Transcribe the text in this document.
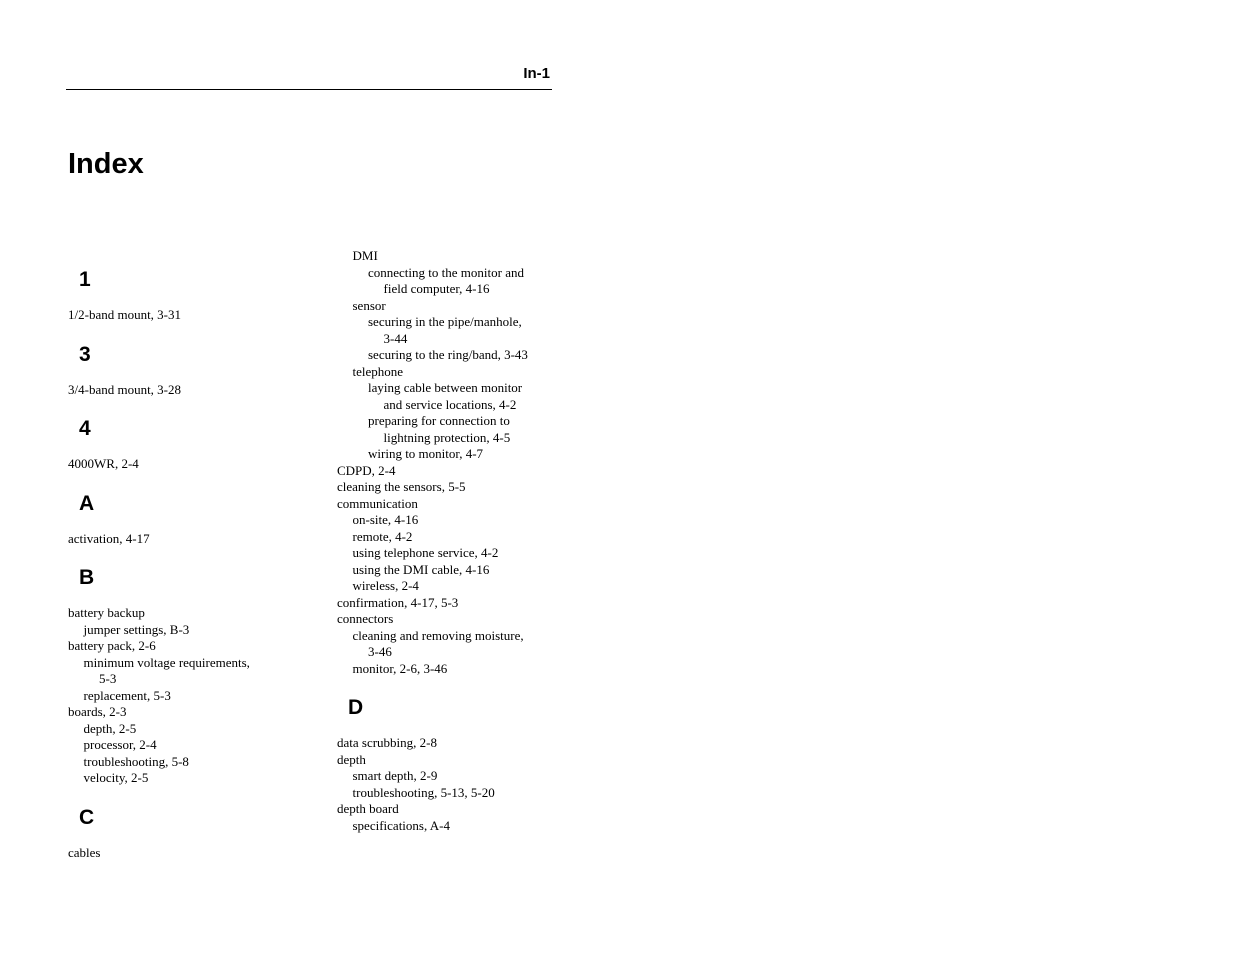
In-1
Index
1
1/2-band mount, 3-31
3
3/4-band mount, 3-28
4
4000WR, 2-4
A
activation, 4-17
B
battery backup
jumper settings, B-3
battery pack, 2-6
minimum voltage requirements,
5-3
replacement, 5-3
boards, 2-3
depth, 2-5
processor, 2-4
troubleshooting, 5-8
velocity, 2-5
C
cables
DMI
connecting to the monitor and
field computer, 4-16
sensor
securing in the pipe/manhole,
3-44
securing to the ring/band, 3-43
telephone
laying cable between monitor
and service locations, 4-2
preparing for connection to
lightning protection, 4-5
wiring to monitor, 4-7
CDPD, 2-4
cleaning the sensors, 5-5
communication
on-site, 4-16
remote, 4-2
using telephone service, 4-2
using the DMI cable, 4-16
wireless, 2-4
confirmation, 4-17, 5-3
connectors
cleaning and removing moisture,
3-46
monitor, 2-6, 3-46
D
data scrubbing, 2-8
depth
smart depth, 2-9
troubleshooting, 5-13, 5-20
depth board
specifications, A-4
